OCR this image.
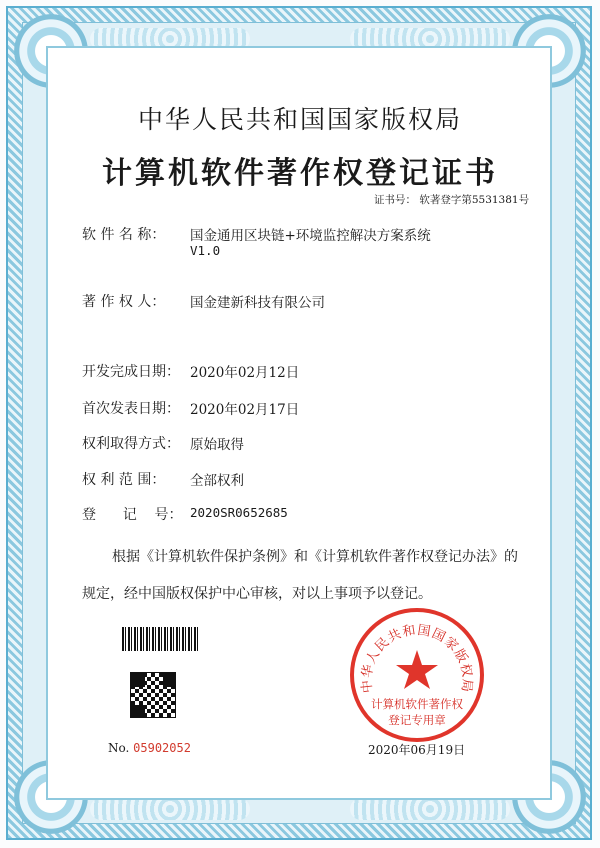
中华人民共和国国家版权局
计算机软件著作权登记证书
证书号： 软著登字第5531381号
软 件 名 称： 国金通用区块链+环境监控解决方案系统
V1.0
著 作 权 人： 国金建新科技有限公司
开发完成日期： 2020年02月12日
首次发表日期： 2020年02月17日
权利取得方式： 原始取得
权 利 范 围： 全部权利
登      记    号： 2020SR0652685
根据《计算机软件保护条例》和《计算机软件著作权登记办法》的
规定，经中国版权保护中心审核，对以上事项予以登记。
No. 05902052
中华人民共和国国家版权局
计算机软件著作权
登记专用章
2020年06月19日
